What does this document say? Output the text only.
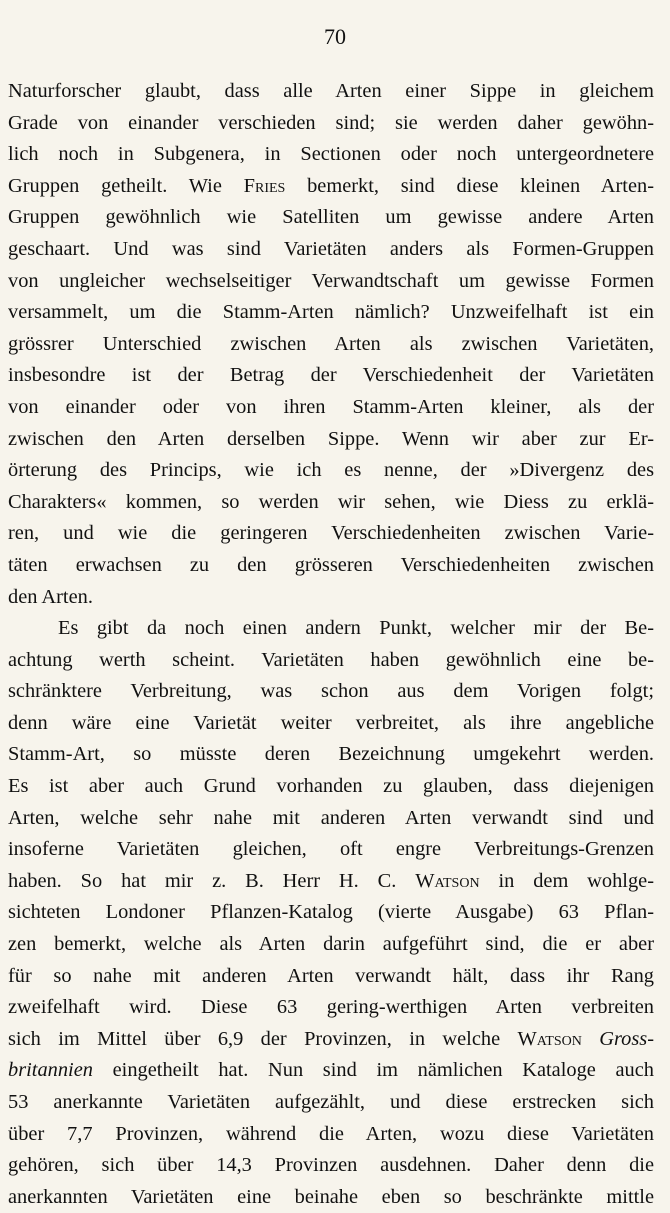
70
Naturforscher glaubt, dass alle Arten einer Sippe in gleichem
Grade von einander verschieden sind; sie werden daher gewöhn-
lich noch in Subgenera, in Sectionen oder noch untergeordnetere
Gruppen getheilt. Wie Fries bemerkt, sind diese kleinen Arten-
Gruppen gewöhnlich wie Satelliten um gewisse andere Arten
geschaart. Und was sind Varietäten anders als Formen-Gruppen
von ungleicher wechselseitiger Verwandtschaft um gewisse Formen
versammelt, um die Stamm-Arten nämlich? Unzweifelhaft ist ein
grössrer Unterschied zwischen Arten als zwischen Varietäten,
insbesondre ist der Betrag der Verschiedenheit der Varietäten
von einander oder von ihren Stamm-Arten kleiner, als der
zwischen den Arten derselben Sippe. Wenn wir aber zur Er-
örterung des Princips, wie ich es nenne, der »Divergenz des
Charakters« kommen, so werden wir sehen, wie Diess zu erklä-
ren, und wie die geringeren Verschiedenheiten zwischen Varie-
täten erwachsen zu den grösseren Verschiedenheiten zwischen
den Arten.
Es gibt da noch einen andern Punkt, welcher mir der Be-
achtung werth scheint. Varietäten haben gewöhnlich eine be-
schränktere Verbreitung, was schon aus dem Vorigen folgt;
denn wäre eine Varietät weiter verbreitet, als ihre angebliche
Stamm-Art, so müsste deren Bezeichnung umgekehrt werden.
Es ist aber auch Grund vorhanden zu glauben, dass diejenigen
Arten, welche sehr nahe mit anderen Arten verwandt sind und
insoferne Varietäten gleichen, oft engre Verbreitungs-Grenzen
haben. So hat mir z. B. Herr H. C. Watson in dem wohlge-
sichteten Londoner Pflanzen-Katalog (vierte Ausgabe) 63 Pflan-
zen bemerkt, welche als Arten darin aufgeführt sind, die er aber
für so nahe mit anderen Arten verwandt hält, dass ihr Rang
zweifelhaft wird. Diese 63 gering-werthigen Arten verbreiten
sich im Mittel über 6,9 der Provinzen, in welche Watson Gross-
britannien eingetheilt hat. Nun sind im nämlichen Kataloge auch
53 anerkannte Varietäten aufgezählt, und diese erstrecken sich
über 7,7 Provinzen, während die Arten, wozu diese Varietäten
gehören, sich über 14,3 Provinzen ausdehnen. Daher denn die
anerkannten Varietäten eine beinahe eben so beschränkte mittle
